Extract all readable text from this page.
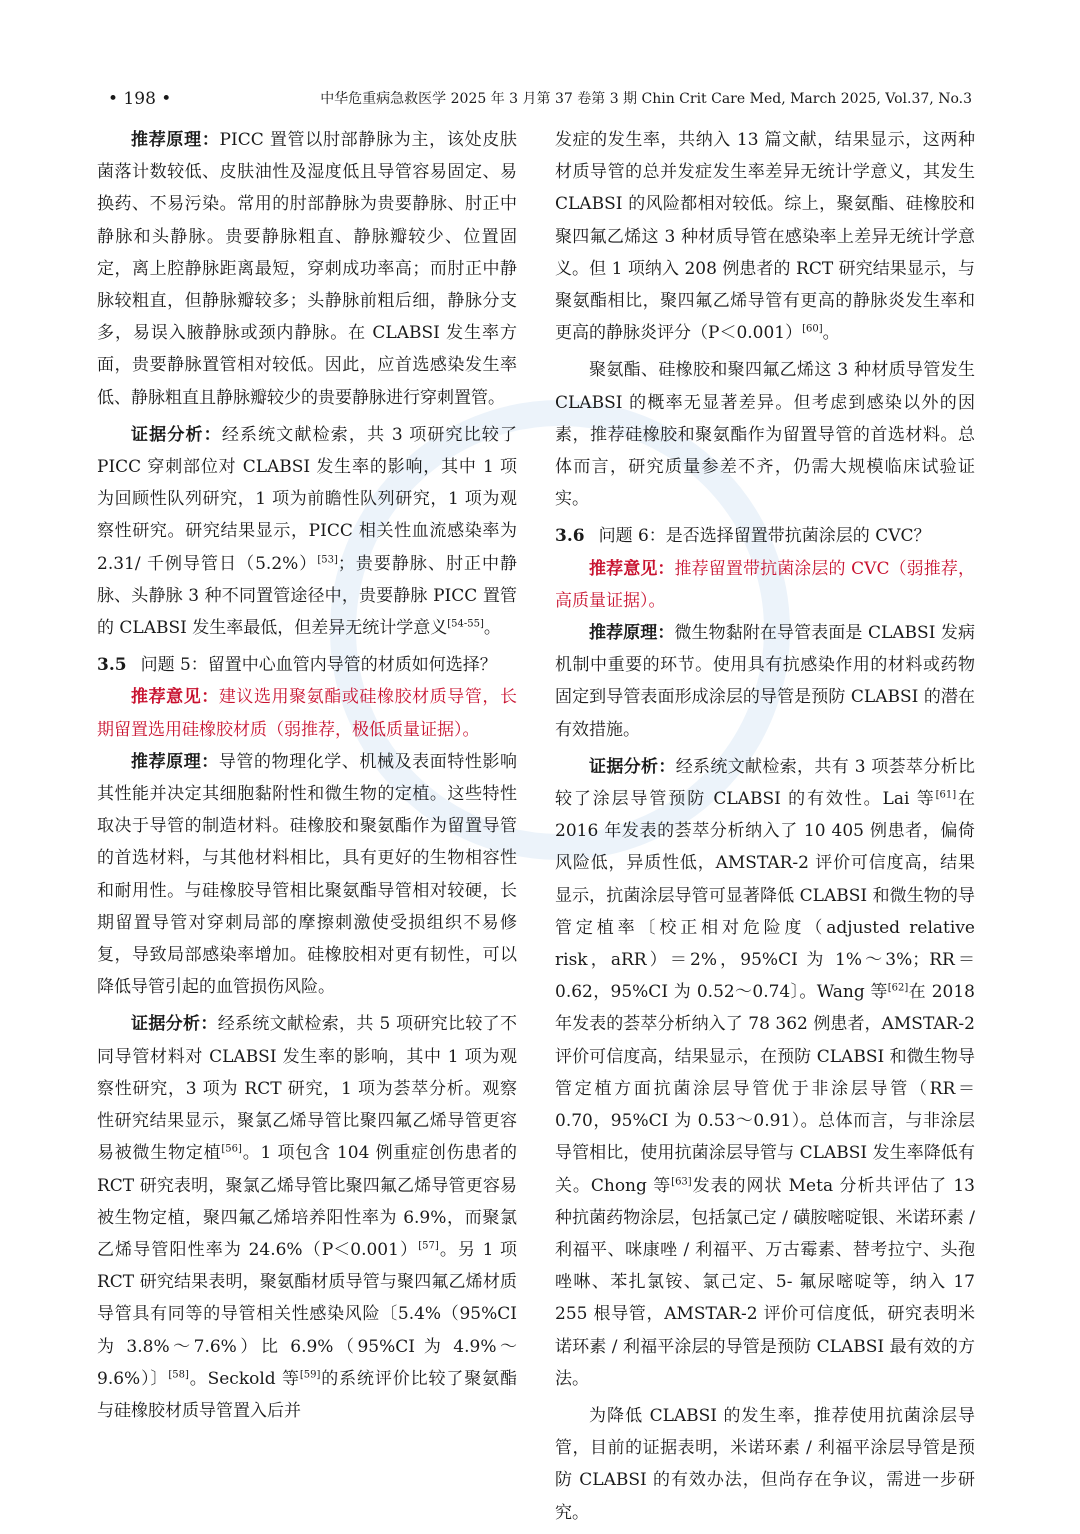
• 198 •	中华危重病急救医学 2025 年 3 月第 37 卷第 3 期 Chin Crit Care Med, March 2025, Vol.37, No.3

推荐原理：PICC 置管以肘部静脉为主，该处皮肤菌落计数较低、皮肤油性及湿度低且导管容易固定、易换药、不易污染。常用的肘部静脉为贵要静脉、肘正中静脉和头静脉。贵要静脉粗直、静脉瓣较少、位置固定，离上腔静脉距离最短，穿刺成功率高；而肘正中静脉较粗直，但静脉瓣较多；头静脉前粗后细，静脉分支多，易误入腋静脉或颈内静脉。在 CLABSI 发生率方面，贵要静脉置管相对较低。因此，应首选感染发生率低、静脉粗直且静脉瓣较少的贵要静脉进行穿刺置管。

证据分析：经系统文献检索，共 3 项研究比较了 PICC 穿刺部位对 CLABSI 发生率的影响，其中 1 项为回顾性队列研究，1 项为前瞻性队列研究，1 项为观察性研究。研究结果显示，PICC 相关性血流感染率为 2.31/ 千例导管日（5.2%）[53]；贵要静脉、肘正中静脉、头静脉 3 种不同置管途径中，贵要静脉 PICC 置管的 CLABSI 发生率最低，但差异无统计学意义[54-55]。

3.5 问题 5：留置中心血管内导管的材质如何选择？

推荐意见：建议选用聚氨酯或硅橡胶材质导管，长期留置选用硅橡胶材质（弱推荐，极低质量证据）。

推荐原理：导管的物理化学、机械及表面特性影响其性能并决定其细胞黏附性和微生物的定植。这些特性取决于导管的制造材料。硅橡胶和聚氨酯作为留置导管的首选材料，与其他材料相比，具有更好的生物相容性和耐用性。与硅橡胶导管相比聚氨酯导管相对较硬，长期留置导管对穿刺局部的摩擦刺激使受损组织不易修复，导致局部感染率增加。硅橡胶相对更有韧性，可以降低导管引起的血管损伤风险。

证据分析：经系统文献检索，共 5 项研究比较了不同导管材料对 CLABSI 发生率的影响，其中 1 项为观察性研究，3 项为 RCT 研究，1 项为荟萃分析。观察性研究结果显示，聚氯乙烯导管比聚四氟乙烯导管更容易被微生物定植[56]。1 项包含 104 例重症创伤患者的 RCT 研究表明，聚氯乙烯导管比聚四氟乙烯导管更容易被生物定植，聚四氟乙烯培养阳性率为 6.9%，而聚氯乙烯导管阳性率为 24.6%（P＜0.001）[57]。另 1 项 RCT 研究结果表明，聚氨酯材质导管与聚四氟乙烯材质导管具有同等的导管相关性感染风险〔5.4%（95%CI 为 3.8%～7.6%）比 6.9%（95%CI 为 4.9%～9.6%）〕[58]。Seckold 等[59]的系统评价比较了聚氨酯与硅橡胶材质导管置入后并

发症的发生率，共纳入 13 篇文献，结果显示，这两种材质导管的总并发症发生率差异无统计学意义，其发生 CLABSI 的风险都相对较低。综上，聚氨酯、硅橡胶和聚四氟乙烯这 3 种材质导管在感染率上差异无统计学意义。但 1 项纳入 208 例患者的 RCT 研究结果显示，与聚氨酯相比，聚四氟乙烯导管有更高的静脉炎发生率和更高的静脉炎评分（P＜0.001）[60]。

聚氨酯、硅橡胶和聚四氟乙烯这 3 种材质导管发生 CLABSI 的概率无显著差异。但考虑到感染以外的因素，推荐硅橡胶和聚氨酯作为留置导管的首选材料。总体而言，研究质量参差不齐，仍需大规模临床试验证实。

3.6 问题 6：是否选择留置带抗菌涂层的 CVC？

推荐意见：推荐留置带抗菌涂层的 CVC（弱推荐，高质量证据）。

推荐原理：微生物黏附在导管表面是 CLABSI 发病机制中重要的环节。使用具有抗感染作用的材料或药物固定到导管表面形成涂层的导管是预防 CLABSI 的潜在有效措施。

证据分析：经系统文献检索，共有 3 项荟萃分析比较了涂层导管预防 CLABSI 的有效性。Lai 等[61]在 2016 年发表的荟萃分析纳入了 10 405 例患者，偏倚风险低，异质性低，AMSTAR-2 评价可信度高，结果显示，抗菌涂层导管可显著降低 CLABSI 和微生物的导管定植率〔校正相对危险度（adjusted relative risk，aRR）＝2%，95%CI 为 1%～3%；RR＝0.62，95%CI 为 0.52～0.74〕。Wang 等[62]在 2018 年发表的荟萃分析纳入了 78 362 例患者，AMSTAR-2 评价可信度高，结果显示，在预防 CLABSI 和微生物导管定植方面抗菌涂层导管优于非涂层导管（RR＝0.70，95%CI 为 0.53～0.91）。总体而言，与非涂层导管相比，使用抗菌涂层导管与 CLABSI 发生率降低有关。Chong 等[63]发表的网状 Meta 分析共评估了 13 种抗菌药物涂层，包括氯己定 / 磺胺嘧啶银、米诺环素 / 利福平、咪康唑 / 利福平、万古霉素、替考拉宁、头孢唑啉、苯扎氯铵、氯己定、5- 氟尿嘧啶等，纳入 17 255 根导管，AMSTAR-2 评价可信度低，研究表明米诺环素 / 利福平涂层的导管是预防 CLABSI 最有效的方法。

为降低 CLABSI 的发生率，推荐使用抗菌涂层导管，目前的证据表明，米诺环素 / 利福平涂层导管是预防 CLABSI 的有效办法，但尚存在争议，需进一步研究。
